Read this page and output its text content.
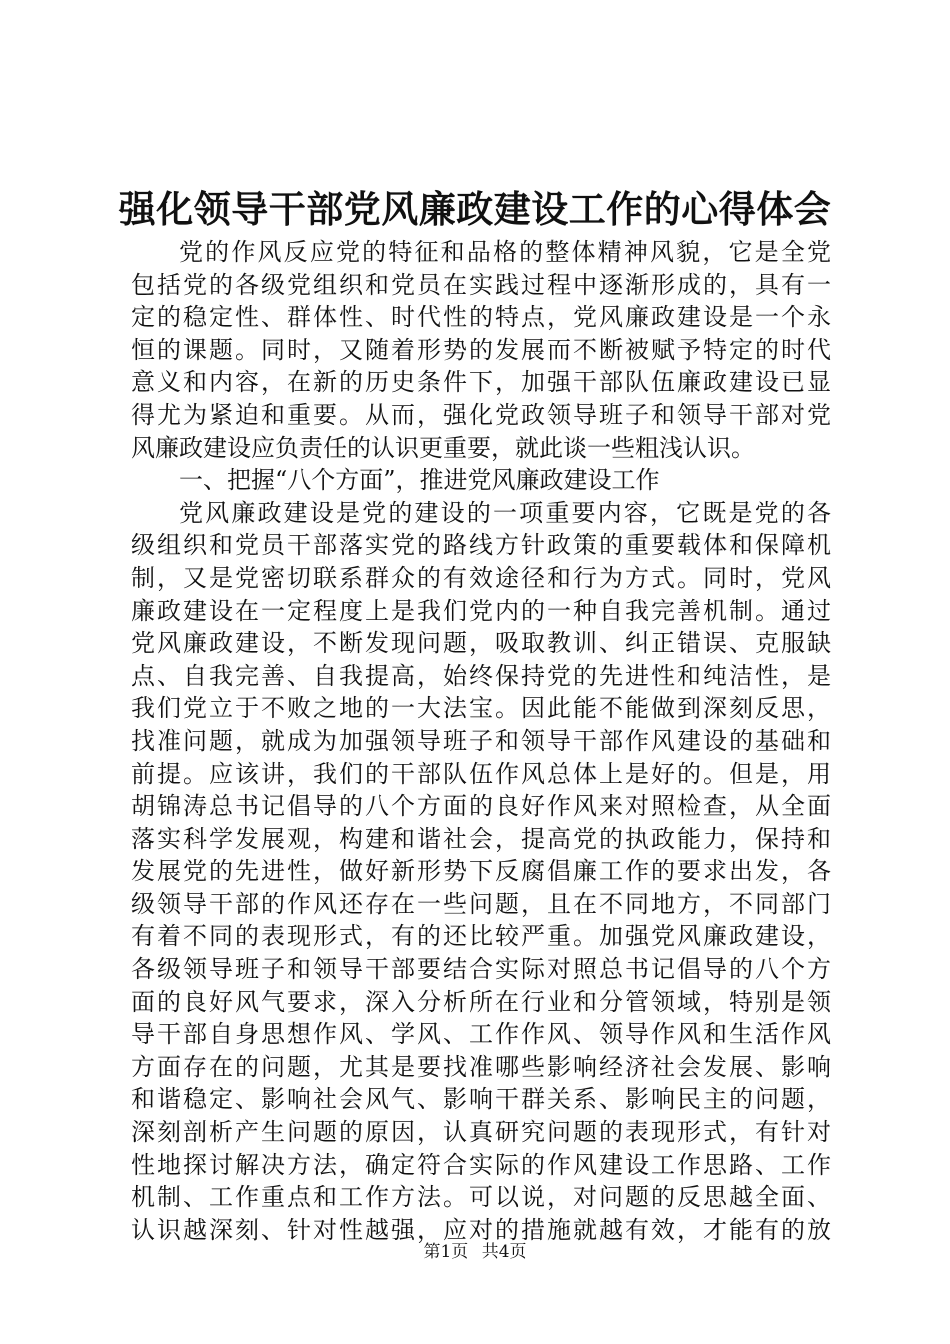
强化领导干部党风廉政建设工作的心得体会
党的作风反应党的特征和品格的整体精神风貌，它是全党
包括党的各级党组织和党员在实践过程中逐渐形成的，具有一
定的稳定性、群体性、时代性的特点，党风廉政建设是一个永
恒的课题。同时，又随着形势的发展而不断被赋予特定的时代
意义和内容，在新的历史条件下，加强干部队伍廉政建设已显
得尤为紧迫和重要。从而，强化党政领导班子和领导干部对党
风廉政建设应负责任的认识更重要，就此谈一些粗浅认识。
一、把握“八个方面”，推进党风廉政建设工作
党风廉政建设是党的建设的一项重要内容，它既是党的各
级组织和党员干部落实党的路线方针政策的重要载体和保障机
制，又是党密切联系群众的有效途径和行为方式。同时，党风
廉政建设在一定程度上是我们党内的一种自我完善机制。通过
党风廉政建设，不断发现问题，吸取教训、纠正错误、克服缺
点、自我完善、自我提高，始终保持党的先进性和纯洁性，是
我们党立于不败之地的一大法宝。因此能不能做到深刻反思，
找准问题，就成为加强领导班子和领导干部作风建设的基础和
前提。应该讲，我们的干部队伍作风总体上是好的。但是，用
胡锦涛总书记倡导的八个方面的良好作风来对照检查，从全面
落实科学发展观，构建和谐社会，提高党的执政能力，保持和
发展党的先进性，做好新形势下反腐倡廉工作的要求出发，各
级领导干部的作风还存在一些问题，且在不同地方，不同部门
有着不同的表现形式，有的还比较严重。加强党风廉政建设，
各级领导班子和领导干部要结合实际对照总书记倡导的八个方
面的良好风气要求，深入分析所在行业和分管领域，特别是领
导干部自身思想作风、学风、工作作风、领导作风和生活作风
方面存在的问题，尤其是要找准哪些影响经济社会发展、影响
和谐稳定、影响社会风气、影响干群关系、影响民主的问题，
深刻剖析产生问题的原因，认真研究问题的表现形式，有针对
性地探讨解决方法，确定符合实际的作风建设工作思路、工作
机制、工作重点和工作方法。可以说，对问题的反思越全面、
认识越深刻、针对性越强，应对的措施就越有效，才能有的放
第1页 共4页
